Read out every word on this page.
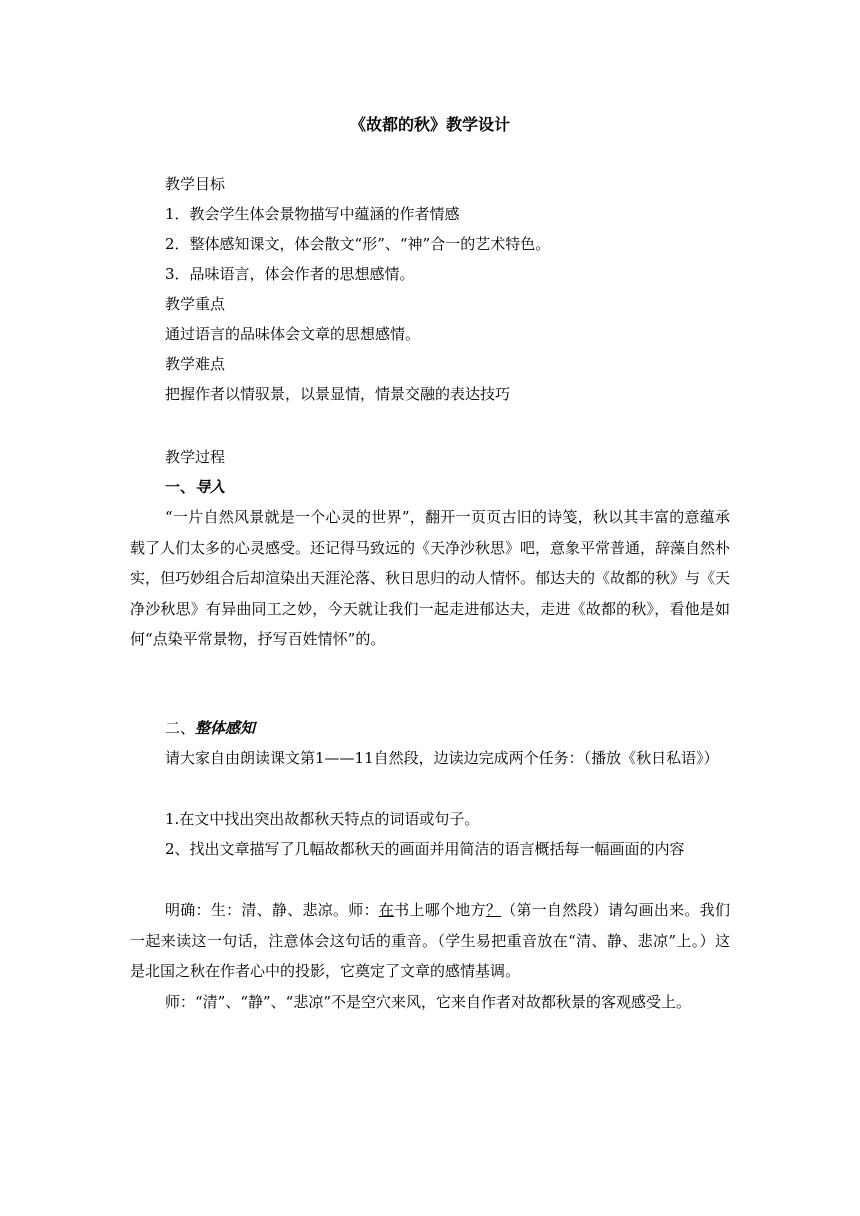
《故都的秋》教学设计
教学目标
1．教会学生体会景物描写中蕴涵的作者情感
2．整体感知课文，体会散文“形”、“神”合一的艺术特色。
3．品味语言，体会作者的思想感情。
教学重点
通过语言的品味体会文章的思想感情。
教学难点
把握作者以情驭景，以景显情，情景交融的表达技巧
教学过程
一、导入
“一片自然风景就是一个心灵的世界”，翻开一页页古旧的诗笺，秋以其丰富的意蕴承载了人们太多的心灵感受。还记得马致远的《天净沙秋思》吧，意象平常普通，辞藻自然朴实，但巧妙组合后却渲染出天涯沦落、秋日思归的动人情怀。郁达夫的《故都的秋》与《天净沙秋思》有异曲同工之妙，今天就让我们一起走进郁达夫，走进《故都的秋》，看他是如何“点染平常景物，抒写百姓情怀”的。
二、整体感知
请大家自由朗读课文第1——11自然段，边读边完成两个任务：（播放《秋日私语》）
1.在文中找出突出故都秋天特点的词语或句子。
2、找出文章描写了几幅故都秋天的画面并用简洁的语言概括每一幅画面的内容
明确：生：清、静、悲凉。师：在书上哪个地方？（第一自然段）请勾画出来。我们一起来读这一句话，注意体会这句话的重音。（学生易把重音放在“清、静、悲凉”上。）这是北国之秋在作者心中的投影，它奠定了文章的感情基调。
师：“清”、“静”、“悲凉”不是空穴来风，它来自作者对故都秋景的客观感受上。
